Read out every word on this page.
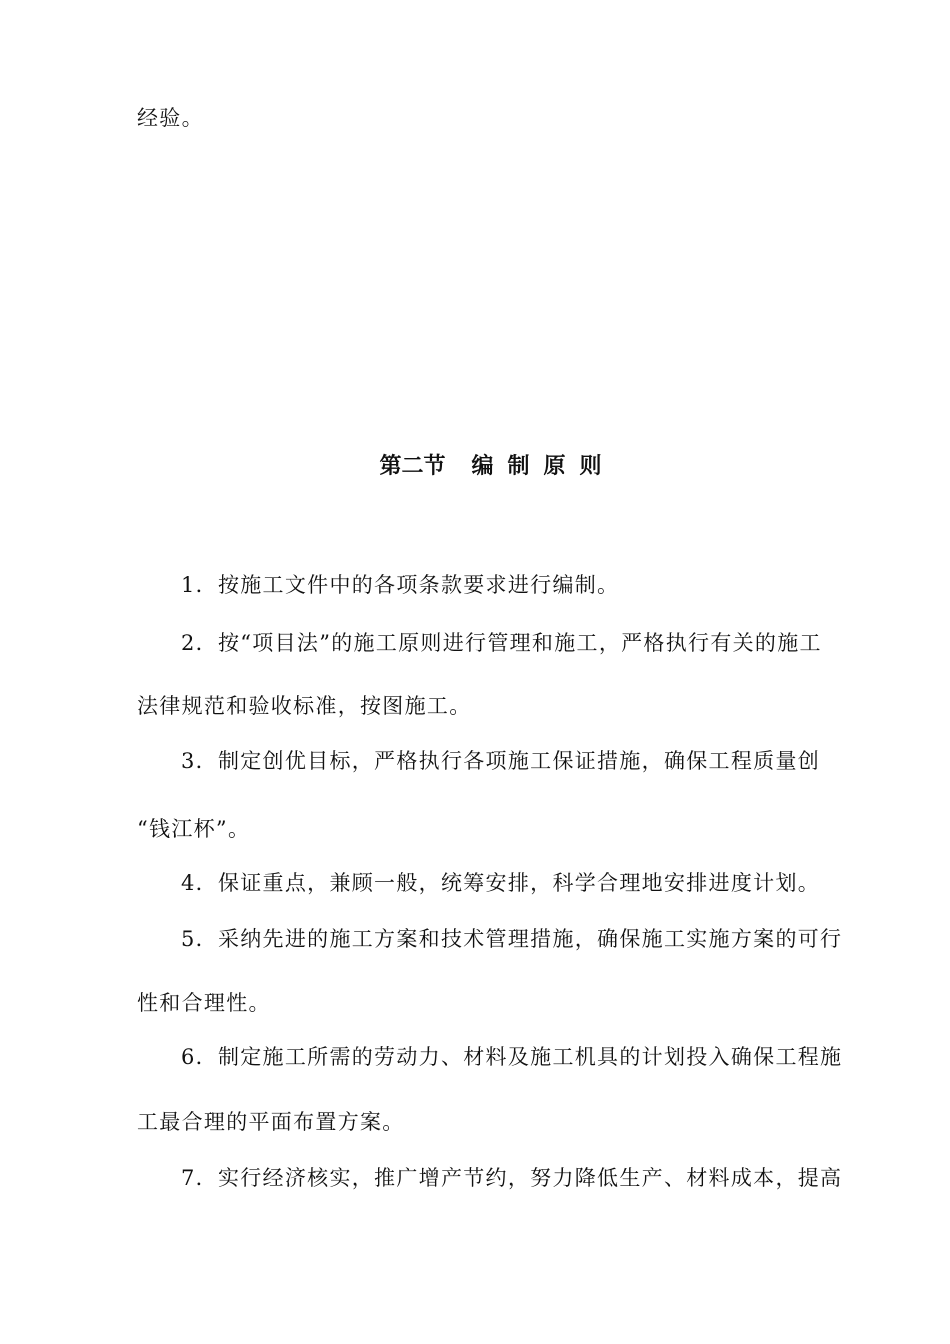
经验。
第二节 编制原则
1．按施工文件中的各项条款要求进行编制。
2．按“项目法”的施工原则进行管理和施工，严格执行有关的施工
法律规范和验收标准，按图施工。
3．制定创优目标，严格执行各项施工保证措施，确保工程质量创
“钱江杯”。
4．保证重点，兼顾一般，统筹安排，科学合理地安排进度计划。
5．采纳先进的施工方案和技术管理措施，确保施工实施方案的可行
性和合理性。
6．制定施工所需的劳动力、材料及施工机具的计划投入确保工程施
工最合理的平面布置方案。
7．实行经济核实，推广增产节约，努力降低生产、材料成本，提高
